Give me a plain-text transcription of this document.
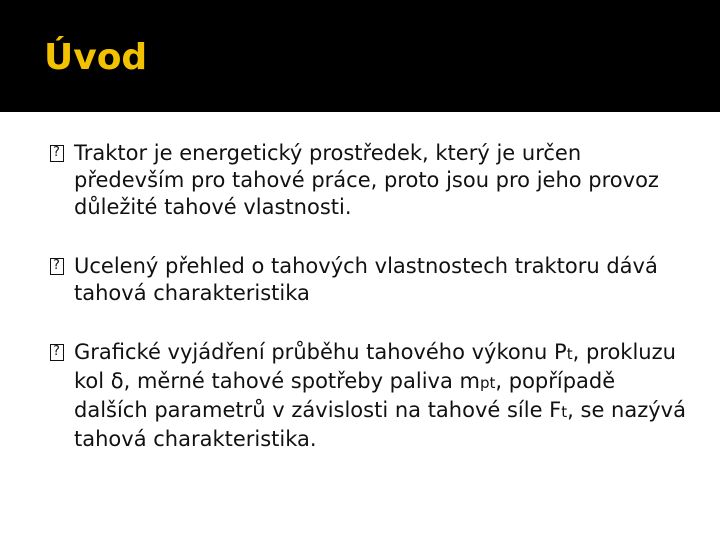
Úvod
?
Traktor je energetický prostředek, který je určen především pro tahové práce, proto jsou pro jeho provoz důležité tahové vlastnosti.
?
Ucelený přehled o tahových vlastnostech traktoru dává tahová charakteristika
?
Grafické vyjádření průběhu tahového výkonu Pt, prokluzu kol δ, měrné tahové spotřeby paliva mpt, popřípadě dalších parametrů v závislosti na tahové síle Ft, se nazývá tahová charakteristika.
